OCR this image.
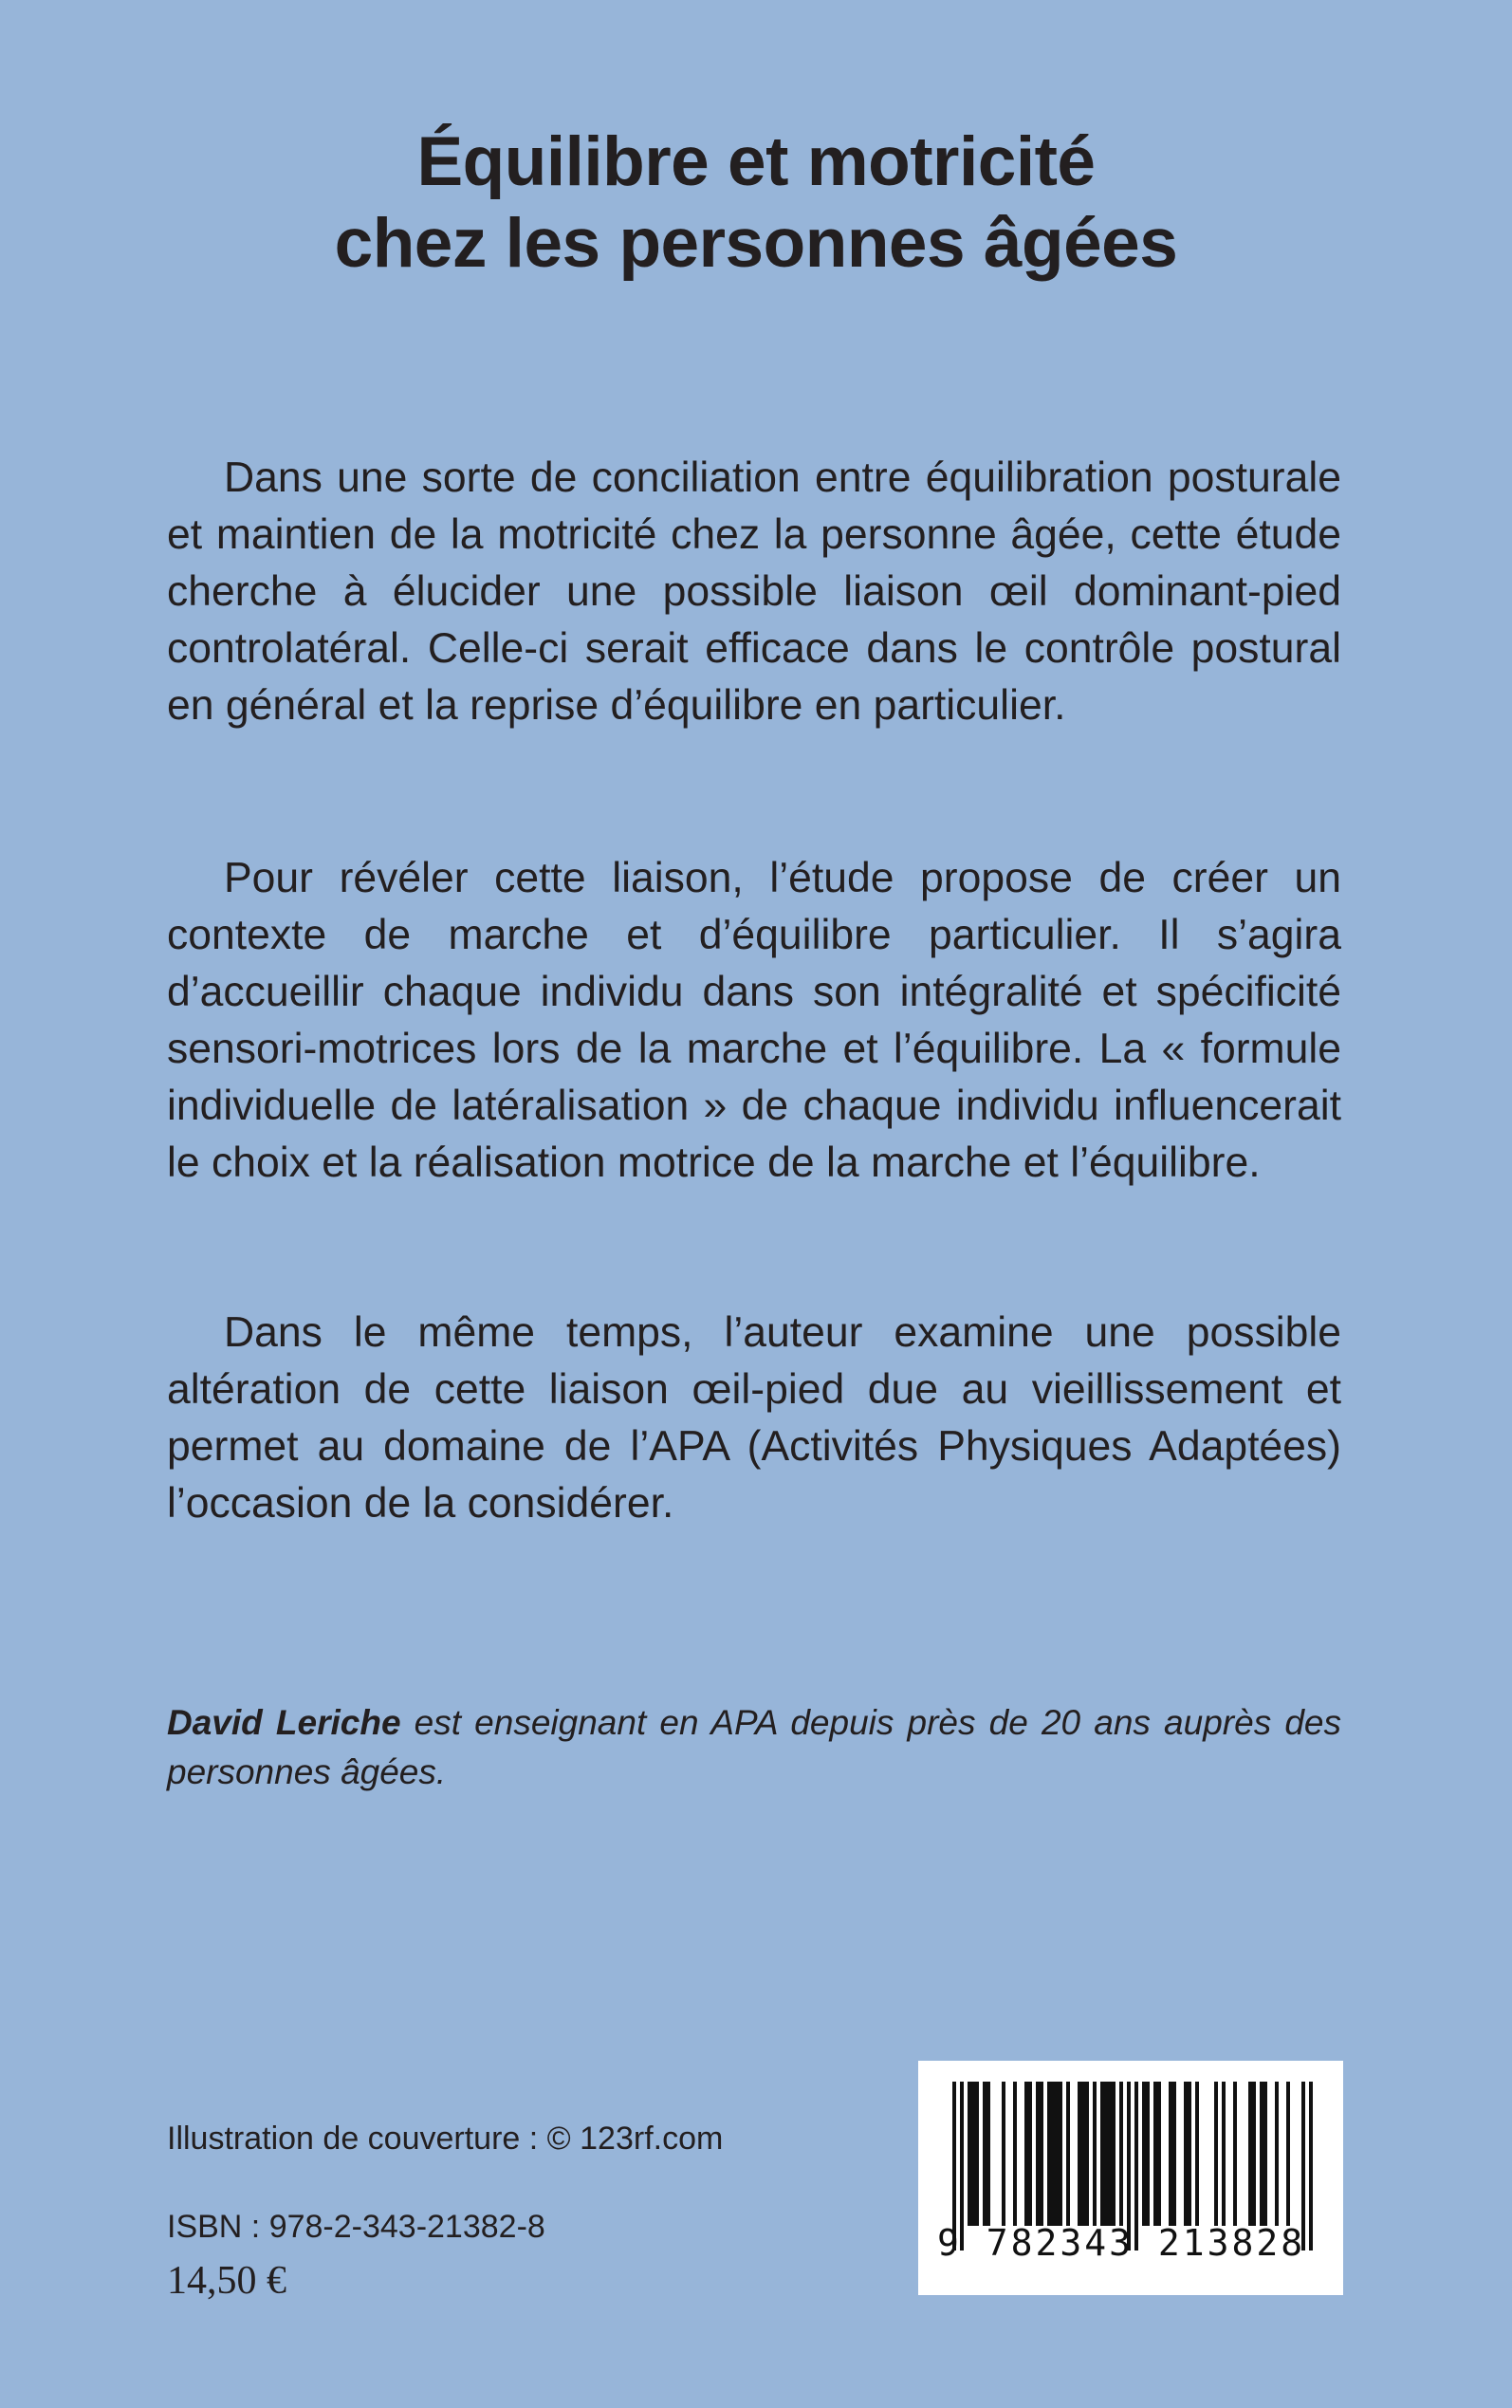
Équilibre et motricité
chez les personnes âgées

Dans une sorte de conciliation entre équilibration posturale et maintien de la motricité chez la personne âgée, cette étude cherche à élucider une possible liaison œil dominant-pied controlatéral. Celle-ci serait efficace dans le contrôle postural en général et la reprise d’équilibre en particulier.

Pour révéler cette liaison, l’étude propose de créer un contexte de marche et d’équilibre particulier. Il s’agira d’accueillir chaque individu dans son intégralité et spécificité sensori-motrices lors de la marche et l’équilibre. La « formule individuelle de latéralisation » de chaque individu influencerait le choix et la réalisation motrice de la marche et l’équilibre.

Dans le même temps, l’auteur examine une possible altération de cette liaison œil-pied due au vieillissement et permet au domaine de l’APA (Activités Physiques Adaptées) l’occasion de la considérer.

David Leriche est enseignant en APA depuis près de 20 ans auprès des personnes âgées.

Illustration de couverture : © 123rf.com

ISBN : 978-2-343-21382-8

14,50 €

9 782343 213828
